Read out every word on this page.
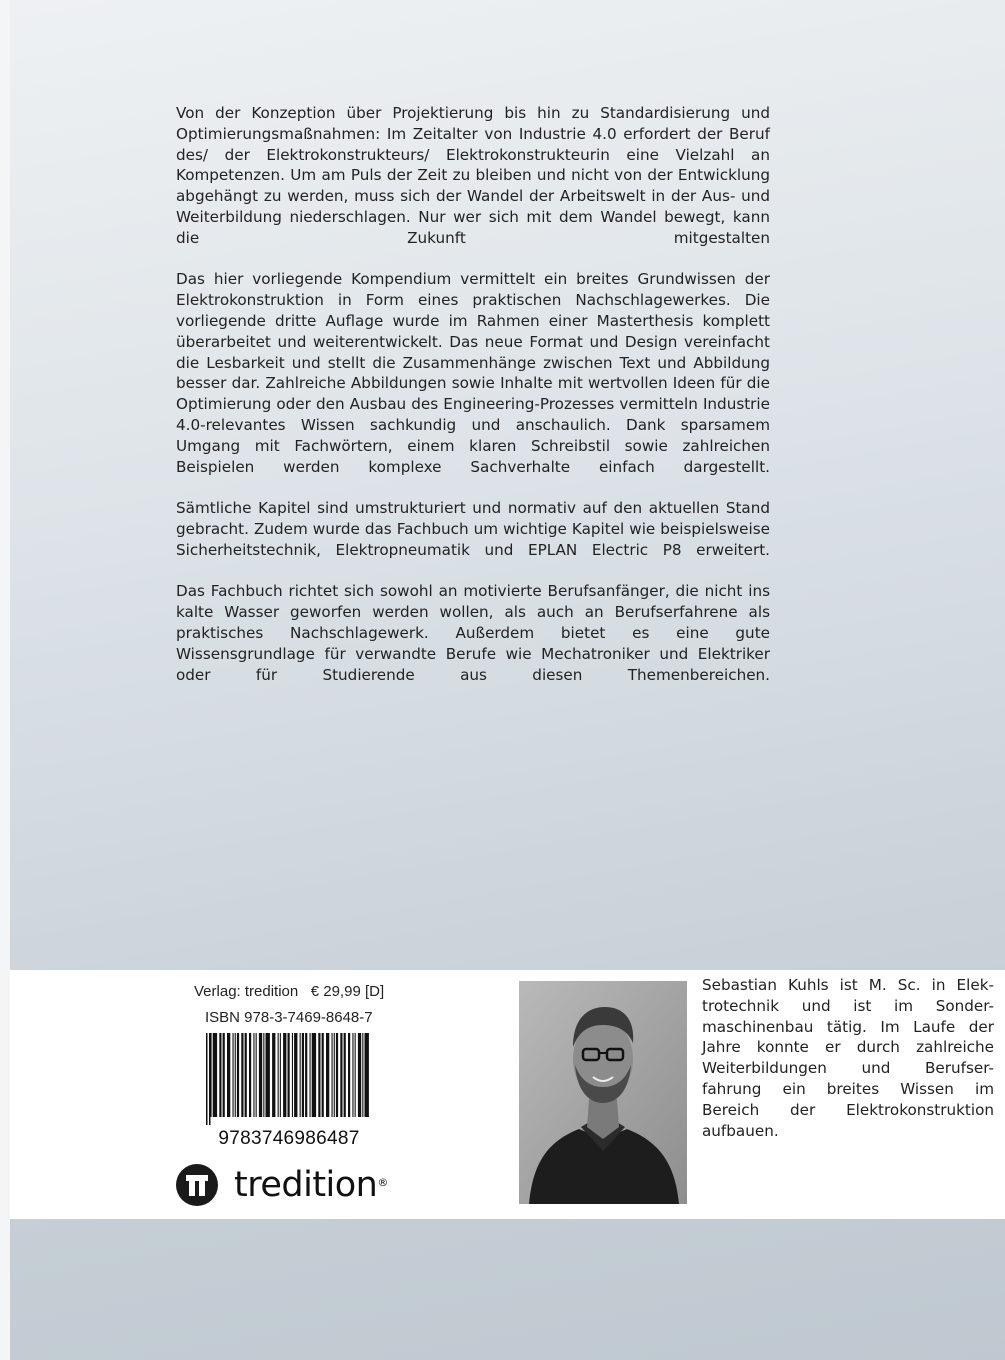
Von der Konzeption über Projektierung bis hin zu Standardisierung und Optimierungsmaßnahmen: Im Zeitalter von Industrie 4.0 erfordert der Beruf des/ der Elektrokonstrukteurs/ Elektrokonstrukteurin eine Vielzahl an Kompetenzen. Um am Puls der Zeit zu bleiben und nicht von der Entwicklung abgehängt zu werden, muss sich der Wandel der Arbeitswelt in der Aus- und Weiterbildung niederschlagen. Nur wer sich mit dem Wandel bewegt, kann die Zukunft mitgestalten

Das hier vorliegende Kompendium vermittelt ein breites Grundwissen der Elektrokonstruktion in Form eines praktischen Nachschlagewerkes. Die vorliegende dritte Auflage wurde im Rahmen einer Masterthesis komplett überarbeitet und weiterentwickelt. Das neue Format und Design vereinfacht die Lesbarkeit und stellt die Zusammenhänge zwischen Text und Abbildung besser dar. Zahlreiche Abbildungen sowie Inhalte mit wertvollen Ideen für die Optimierung oder den Ausbau des Engineering-Prozesses vermitteln Industrie 4.0-relevantes Wissen sachkundig und anschaulich. Dank sparsamem Umgang mit Fachwörtern, einem klaren Schreibstil sowie zahlreichen Beispielen werden komplexe Sachverhalte einfach dargestellt.

Sämtliche Kapitel sind umstrukturiert und normativ auf den aktuellen Stand gebracht. Zudem wurde das Fachbuch um wichtige Kapitel wie beispielsweise Sicherheitstechnik, Elektropneumatik und EPLAN Electric P8 erweitert.

Das Fachbuch richtet sich sowohl an motivierte Berufsanfänger, die nicht ins kalte Wasser geworfen werden wollen, als auch an Berufserfahrene als praktisches Nachschlagewerk. Außerdem bietet es eine gute Wissensgrundlage für verwandte Berufe wie Mechatroniker und Elektriker oder für Studierende aus diesen Themenbereichen.

Verlag: tredition   € 29,99 [D]
ISBN 978-3-7469-8648-7
9783746986487
tredition®
Sebastian Kuhls ist M. Sc. in Elek-
trotechnik und ist im Sonder-
maschinenbau tätig. Im Laufe der
Jahre konnte er durch zahlreiche
Weiterbildungen und Berufser-
fahrung ein breites Wissen im
Bereich der Elektrokonstruktion
aufbauen.
